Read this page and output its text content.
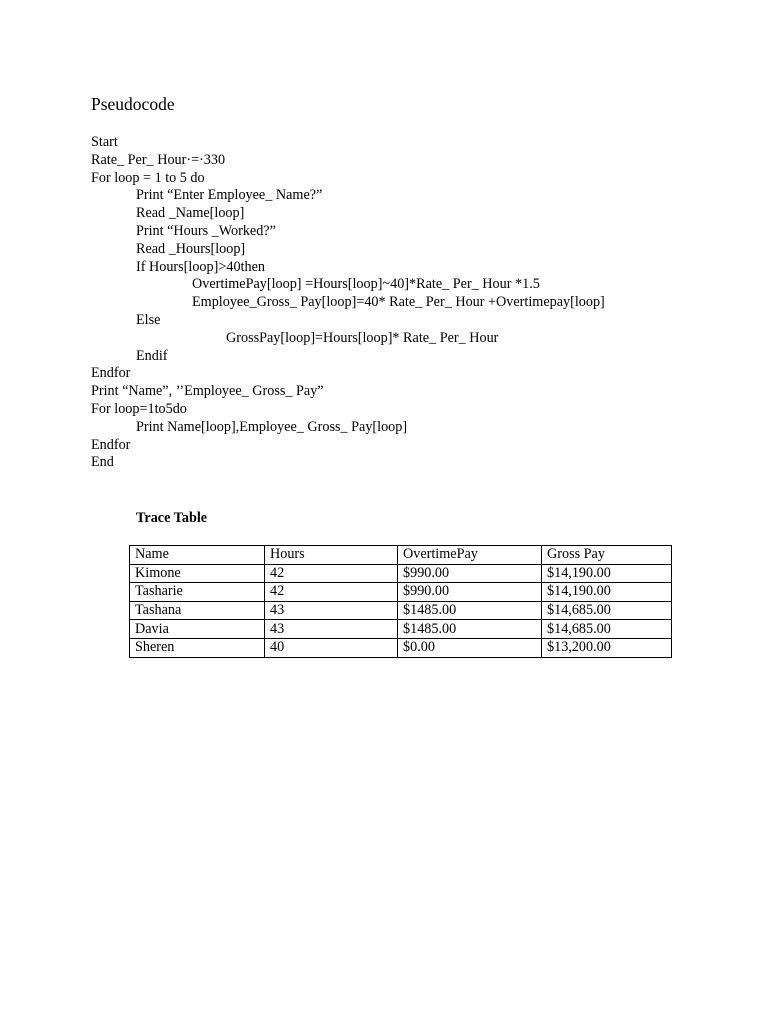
Pseudocode
Start
Rate_ Per_ Hour·=·330
For loop = 1 to 5 do
Print “Enter Employee_ Name?”
Read _Name[loop]
Print “Hours _Worked?”
Read _Hours[loop]
If Hours[loop]>40then
OvertimePay[loop] =Hours[loop]~40]*Rate_ Per_ Hour *1.5
Employee_Gross_ Pay[loop]=40* Rate_ Per_ Hour +Overtimepay[loop]
Else
GrossPay[loop]=Hours[loop]* Rate_ Per_ Hour
Endif
Endfor
Print “Name”, ’’Employee_ Gross_ Pay”
For loop=1to5do
Print Name[loop],Employee_ Gross_ Pay[loop]
Endfor
End
Trace Table
Name	Hours	OvertimePay	Gross Pay
Kimone	42	$990.00	$14,190.00
Tasharie	42	$990.00	$14,190.00
Tashana	43	$1485.00	$14,685.00
Davia	43	$1485.00	$14,685.00
Sheren	40	$0.00	$13,200.00
